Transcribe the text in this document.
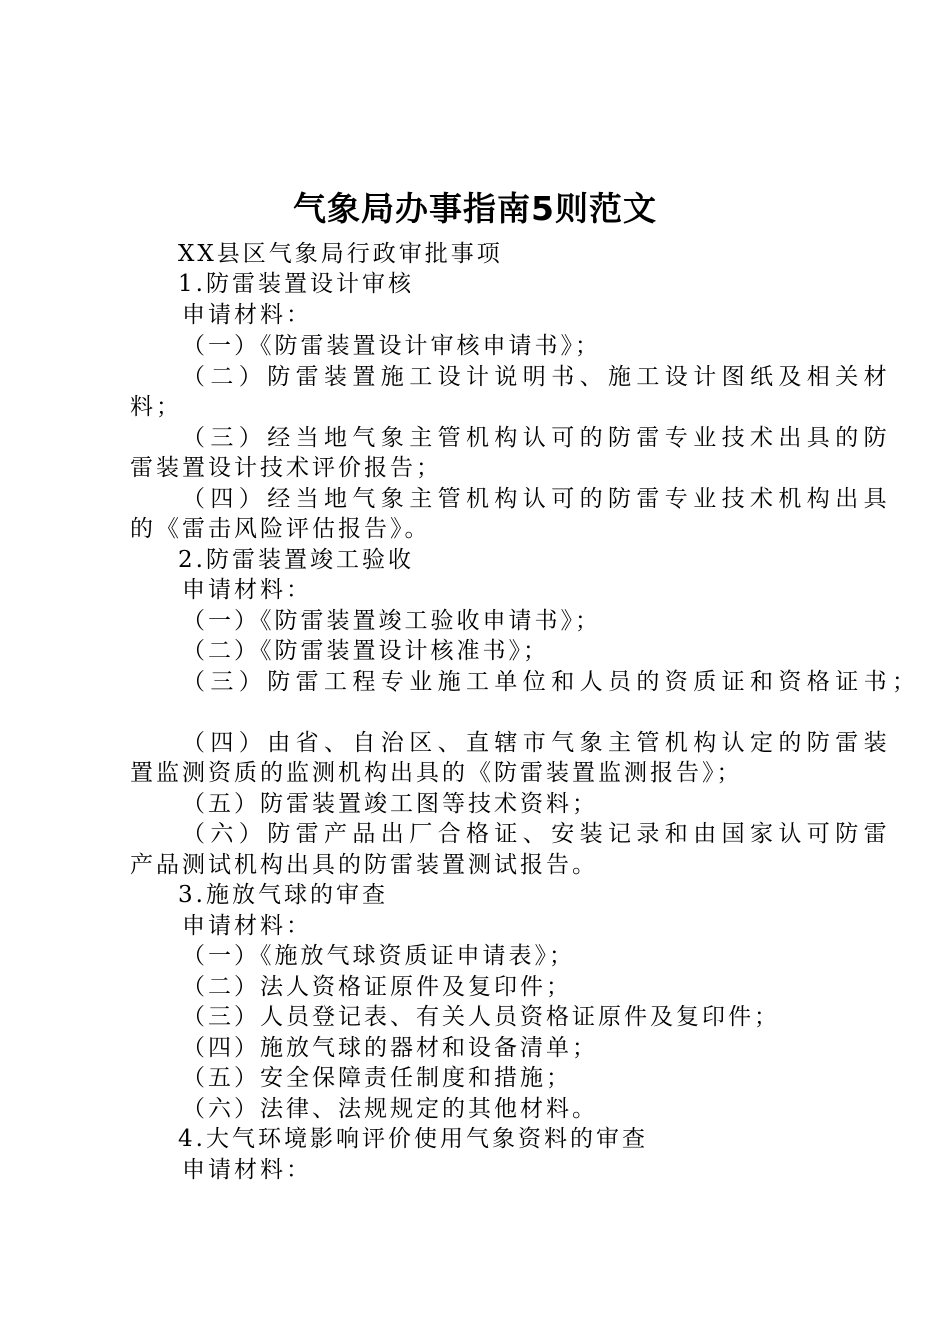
气象局办事指南5则范文
XX县区气象局行政审批事项
1.防雷装置设计审核
申请材料：
（一）《防雷装置设计审核申请书》；
（二）防雷装置施工设计说明书、施工设计图纸及相关材
料；
（三）经当地气象主管机构认可的防雷专业技术出具的防
雷装置设计技术评价报告；
（四）经当地气象主管机构认可的防雷专业技术机构出具
的《雷击风险评估报告》。
2.防雷装置竣工验收
申请材料：
（一）《防雷装置竣工验收申请书》；
（二）《防雷装置设计核准书》；
（三）防雷工程专业施工单位和人员的资质证和资格证书；
（四）由省、自治区、直辖市气象主管机构认定的防雷装
置监测资质的监测机构出具的《防雷装置监测报告》；
（五）防雷装置竣工图等技术资料；
（六）防雷产品出厂合格证、安装记录和由国家认可防雷
产品测试机构出具的防雷装置测试报告。
3.施放气球的审查
申请材料：
（一）《施放气球资质证申请表》；
（二）法人资格证原件及复印件；
（三）人员登记表、有关人员资格证原件及复印件；
（四）施放气球的器材和设备清单；
（五）安全保障责任制度和措施；
（六）法律、法规规定的其他材料。
4.大气环境影响评价使用气象资料的审查
申请材料：
